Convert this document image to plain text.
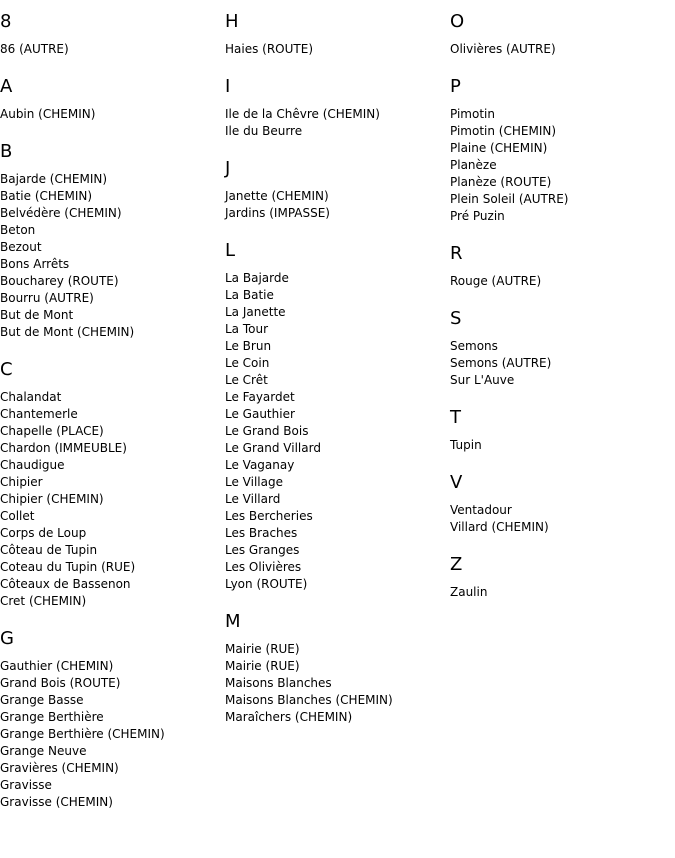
8
86 (AUTRE)
A
Aubin (CHEMIN)
B
Bajarde (CHEMIN)
Batie (CHEMIN)
Belvédère (CHEMIN)
Beton
Bezout
Bons Arrêts
Boucharey (ROUTE)
Bourru (AUTRE)
But de Mont
But de Mont (CHEMIN)
C
Chalandat
Chantemerle
Chapelle (PLACE)
Chardon (IMMEUBLE)
Chaudigue
Chipier
Chipier (CHEMIN)
Collet
Corps de Loup
Côteau de Tupin
Coteau du Tupin (RUE)
Côteaux de Bassenon
Cret (CHEMIN)
G
Gauthier (CHEMIN)
Grand Bois (ROUTE)
Grange Basse
Grange Berthière
Grange Berthière (CHEMIN)
Grange Neuve
Gravières (CHEMIN)
Gravisse
Gravisse (CHEMIN)
H
Haies (ROUTE)
I
Ile de la Chêvre (CHEMIN)
Ile du Beurre
J
Janette (CHEMIN)
Jardins (IMPASSE)
L
La Bajarde
La Batie
La Janette
La Tour
Le Brun
Le Coin
Le Crêt
Le Fayardet
Le Gauthier
Le Grand Bois
Le Grand Villard
Le Vaganay
Le Village
Le Villard
Les Bercheries
Les Braches
Les Granges
Les Olivières
Lyon (ROUTE)
M
Mairie (RUE)
Mairie (RUE)
Maisons Blanches
Maisons Blanches (CHEMIN)
Maraîchers (CHEMIN)
O
Olivières (AUTRE)
P
Pimotin
Pimotin (CHEMIN)
Plaine (CHEMIN)
Planèze
Planèze (ROUTE)
Plein Soleil (AUTRE)
Pré Puzin
R
Rouge (AUTRE)
S
Semons
Semons (AUTRE)
Sur L'Auve
T
Tupin
V
Ventadour
Villard (CHEMIN)
Z
Zaulin
